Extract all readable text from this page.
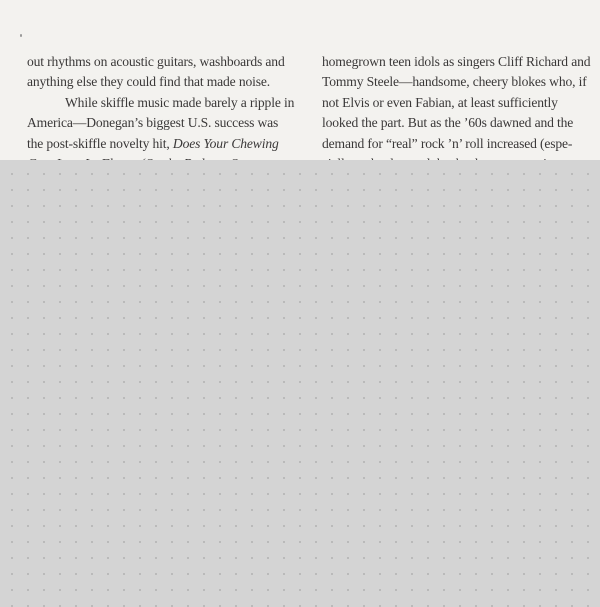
out rhythms on acoustic guitars, washboards and
anything else they could find that made noise.
While skiffle music made barely a ripple in
America—Donegan’s biggest U.S. success was
the post-skiffle novelty hit, Does Your Chewing
homegrown teen idols as singers Cliff Richard and
Tommy Steele—handsome, cheery blokes who, if
not Elvis or even Fabian, at least sufficiently
looked the part. But as the ’60s dawned and the
demand for “real” rock ’n’ roll increased (espe-
